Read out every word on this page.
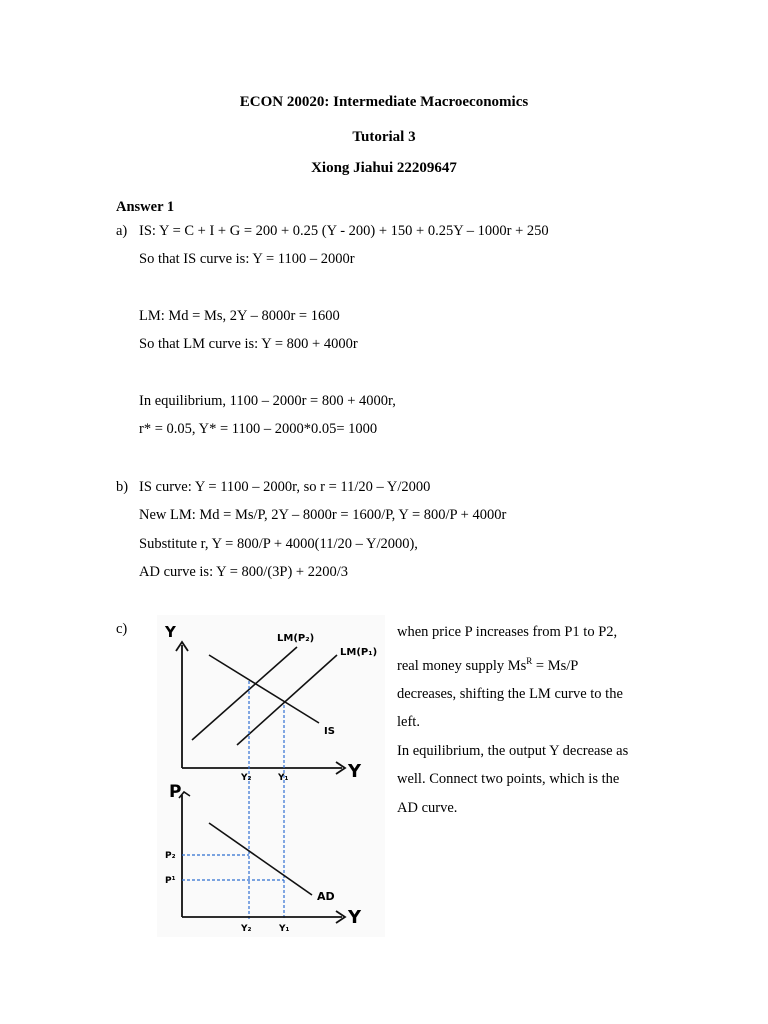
ECON 20020: Intermediate Macroeconomics
Tutorial 3
Xiong Jiahui 22209647
Answer 1
a) IS: Y = C + I + G = 200 + 0.25 (Y - 200) + 150 + 0.25Y – 1000r + 250
So that IS curve is: Y = 1100 – 2000r
LM: Md = Ms, 2Y – 8000r = 1600
So that LM curve is: Y = 800 + 4000r
In equilibrium, 1100 – 2000r = 800 + 4000r,
r* = 0.05, Y* = 1100 – 2000*0.05= 1000
b) IS curve: Y = 1100 – 2000r, so r = 11/20 – Y/2000
New LM: Md = Ms/P, 2Y – 8000r = 1600/P, Y = 800/P + 4000r
Substitute r, Y = 800/P + 4000(11/20 – Y/2000),
AD curve is: Y = 800/(3P) + 2200/3
c)	Y
Y
LM(P₂)
LM(P₁)
IS
Y₂	Y₁
P
Y
AD
P₂
P¹
Y₂	Y₁

when price P increases from P1 to P2,

real money supply $Ms^R = Ms/P$

decreases, shifting the LM curve to the

left.

In equilibrium, the output Y decrease as

well. Connect two points, which is the

AD curve.
